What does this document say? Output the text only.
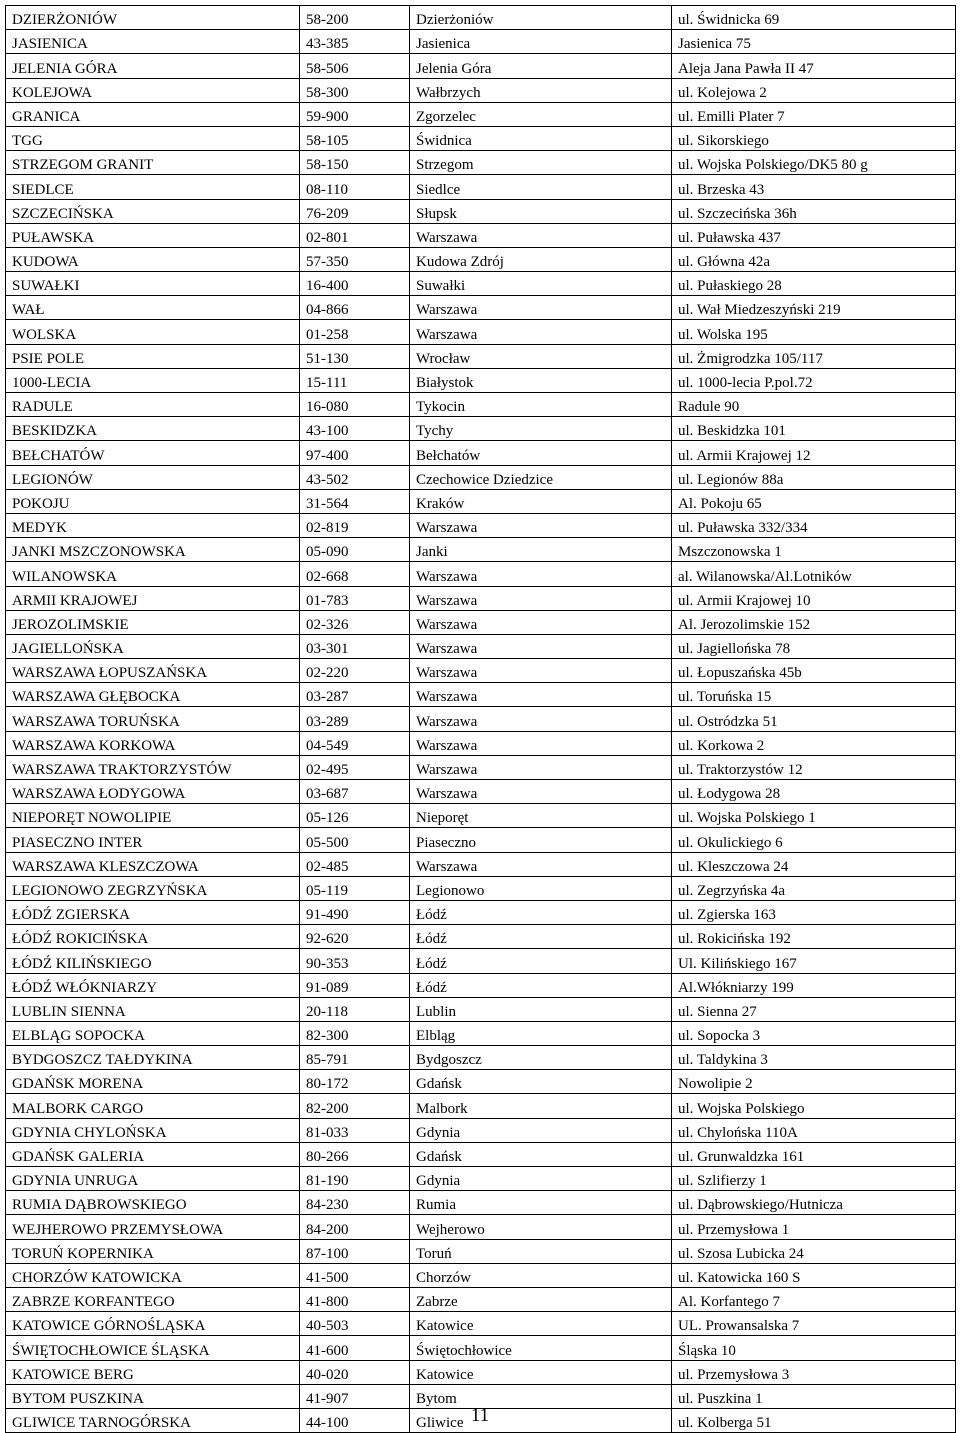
DZIERŻONIÓW	58-200	Dzierżoniów	ul. Świdnicka 69
JASIENICA	43-385	Jasienica	Jasienica 75
JELENIA GÓRA	58-506	Jelenia Góra	Aleja Jana Pawła II 47
KOLEJOWA	58-300	Wałbrzych	ul. Kolejowa 2
GRANICA	59-900	Zgorzelec	ul. Emilli Plater 7
TGG	58-105	Świdnica	ul. Sikorskiego
STRZEGOM GRANIT	58-150	Strzegom	ul. Wojska Polskiego/DK5 80 g
SIEDLCE	08-110	Siedlce	ul. Brzeska 43
SZCZECIŃSKA	76-209	Słupsk	ul. Szczecińska 36h
PUŁAWSKA	02-801	Warszawa	ul. Puławska 437
KUDOWA	57-350	Kudowa Zdrój	ul. Główna 42a
SUWAŁKI	16-400	Suwałki	ul. Pułaskiego 28
WAŁ	04-866	Warszawa	ul. Wał Miedzeszyński 219
WOLSKA	01-258	Warszawa	ul. Wolska 195
PSIE POLE	51-130	Wrocław	ul. Żmigrodzka 105/117
1000-LECIA	15-111	Białystok	ul. 1000-lecia P.pol.72
RADULE	16-080	Tykocin	Radule 90
BESKIDZKA	43-100	Tychy	ul. Beskidzka 101
BEŁCHATÓW	97-400	Bełchatów	ul. Armii Krajowej 12
LEGIONÓW	43-502	Czechowice Dziedzice	ul. Legionów 88a
POKOJU	31-564	Kraków	Al. Pokoju 65
MEDYK	02-819	Warszawa	ul. Puławska 332/334
JANKI MSZCZONOWSKA	05-090	Janki	Mszczonowska 1
WILANOWSKA	02-668	Warszawa	al. Wilanowska/Al.Lotników
ARMII KRAJOWEJ	01-783	Warszawa	ul. Armii Krajowej 10
JEROZOLIMSKIE	02-326	Warszawa	Al. Jerozolimskie 152
JAGIELLOŃSKA	03-301	Warszawa	ul. Jagiellońska 78
WARSZAWA ŁOPUSZAŃSKA	02-220	Warszawa	ul. Łopuszańska 45b
WARSZAWA GŁĘBOCKA	03-287	Warszawa	ul. Toruńska 15
WARSZAWA TORUŃSKA	03-289	Warszawa	ul. Ostródzka 51
WARSZAWA KORKOWA	04-549	Warszawa	ul. Korkowa 2
WARSZAWA TRAKTORZYSTÓW	02-495	Warszawa	ul. Traktorzystów 12
WARSZAWA ŁODYGOWA	03-687	Warszawa	ul. Łodygowa 28
NIEPORĘT NOWOLIPIE	05-126	Nieporęt	ul. Wojska Polskiego 1
PIASECZNO INTER	05-500	Piaseczno	ul. Okulickiego 6
WARSZAWA KLESZCZOWA	02-485	Warszawa	ul. Kleszczowa 24
LEGIONOWO ZEGRZYŃSKA	05-119	Legionowo	ul. Zegrzyńska 4a
ŁÓDŹ ZGIERSKA	91-490	Łódź	ul. Zgierska 163
ŁÓDŹ ROKICIŃSKA	92-620	Łódź	ul. Rokicińska 192
ŁÓDŹ KILIŃSKIEGO	90-353	Łódź	Ul. Kilińskiego 167
ŁÓDŹ WŁÓKNIARZY	91-089	Łódź	Al.Włókniarzy 199
LUBLIN SIENNA	20-118	Lublin	ul. Sienna 27
ELBLĄG SOPOCKA	82-300	Elbląg	ul. Sopocka 3
BYDGOSZCZ TAŁDYKINA	85-791	Bydgoszcz	ul. Taldykina 3
GDAŃSK MORENA	80-172	Gdańsk	Nowolipie 2
MALBORK CARGO	82-200	Malbork	ul. Wojska Polskiego
GDYNIA CHYLOŃSKA	81-033	Gdynia	ul. Chylońska 110A
GDAŃSK GALERIA	80-266	Gdańsk	ul. Grunwaldzka 161
GDYNIA UNRUGA	81-190	Gdynia	ul. Szlifierzy 1
RUMIA DĄBROWSKIEGO	84-230	Rumia	ul. Dąbrowskiego/Hutnicza
WEJHEROWO PRZEMYSŁOWA	84-200	Wejherowo	ul. Przemysłowa 1
TORUŃ KOPERNIKA	87-100	Toruń	ul. Szosa Lubicka 24
CHORZÓW KATOWICKA	41-500	Chorzów	ul. Katowicka 160 S
ZABRZE KORFANTEGO	41-800	Zabrze	Al. Korfantego 7
KATOWICE GÓRNOŚLĄSKA	40-503	Katowice	UL. Prowansalska 7
ŚWIĘTOCHŁOWICE ŚLĄSKA	41-600	Świętochłowice	Śląska 10
KATOWICE BERG	40-020	Katowice	ul. Przemysłowa 3
BYTOM PUSZKINA	41-907	Bytom	ul. Puszkina 1
GLIWICE TARNOGÓRSKA	44-100	Gliwice	ul. Kolberga 51
11
